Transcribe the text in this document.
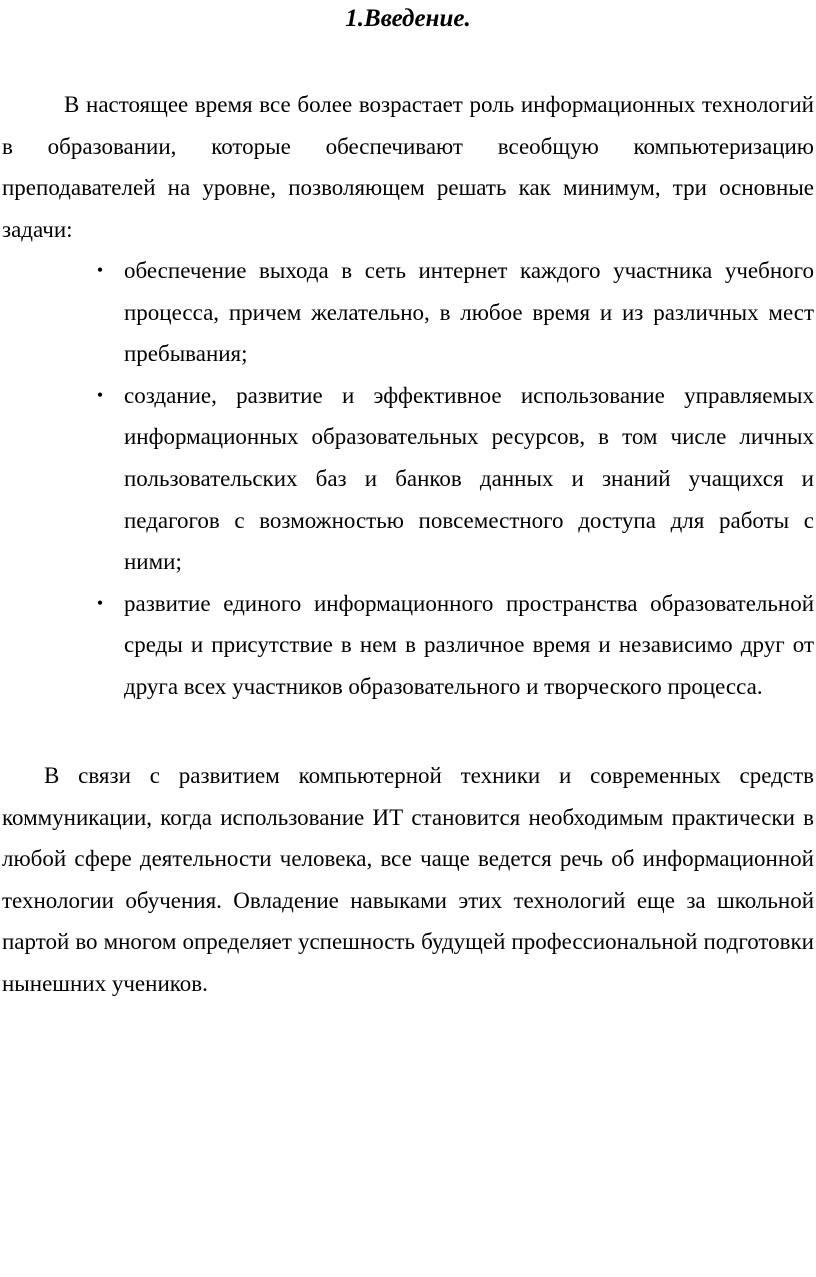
1.Введение.

В настоящее время все более возрастает роль информационных технологий в образовании, которые обеспечивают всеобщую компьютеризацию преподавателей на уровне, позволяющем решать как минимум, три основные задачи:

• обеспечение выхода в сеть интернет каждого участника учебного процесса, причем желательно, в любое время и из различных мест пребывания;
• создание, развитие и эффективное использование управляемых информационных образовательных ресурсов, в том числе личных пользовательских баз и банков данных и знаний учащихся и педагогов с возможностью повсеместного доступа для работы с ними;
• развитие единого информационного пространства образовательной среды и присутствие в нем в различное время и независимо друг от друга всех участников образовательного и творческого процесса.

В связи с развитием компьютерной техники и современных средств коммуникации, когда использование ИТ становится необходимым практически в любой сфере деятельности человека, все чаще ведется речь об информационной технологии обучения. Овладение навыками этих технологий еще за школьной партой во многом определяет успешность будущей профессиональной подготовки нынешних учеников.
